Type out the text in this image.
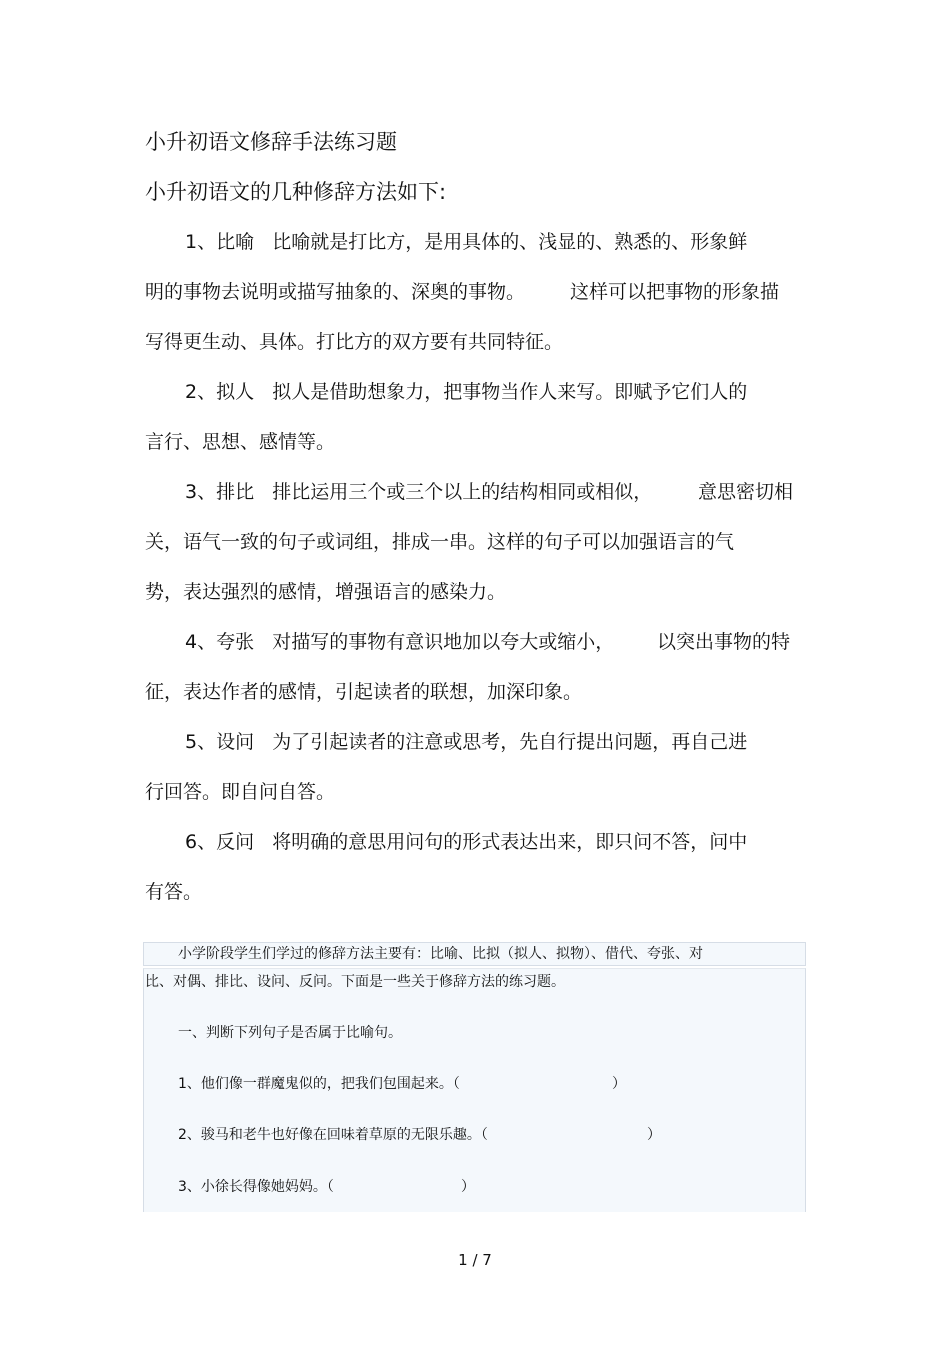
小升初语文修辞手法练习题
小升初语文的几种修辞方法如下:
1、比喻   比喻就是打比方，是用具体的、浅显的、熟悉的、形象鲜
明的事物去说明或描写抽象的、深奥的事物。 这样可以把事物的形象描
写得更生动、具体。打比方的双方要有共同特征。
2、拟人   拟人是借助想象力，把事物当作人来写。即赋予它们人的
言行、思想、感情等。
3、排比   排比运用三个或三个以上的结构相同或相似， 意思密切相
关，语气一致的句子或词组，排成一串。这样的句子可以加强语言的气
势，表达强烈的感情，增强语言的感染力。
4、夸张   对描写的事物有意识地加以夸大或缩小， 以突出事物的特
征，表达作者的感情，引起读者的联想，加深印象。
5、设问   为了引起读者的注意或思考，先自行提出问题，再自己进
行回答。即自问自答。
6、反问   将明确的意思用问句的形式表达出来，即只问不答，问中
有答。
小学阶段学生们学过的修辞方法主要有：比喻、比拟（拟人、拟物）、借代、夸张、对
比、对偶、排比、设问、反问。下面是一些关于修辞方法的练习题。
一、判断下列句子是否属于比喻句。
1、他们像一群魔鬼似的，把我们包围起来。（	）
2、骏马和老牛也好像在回味着草原的无限乐趣。（	）
3、小徐长得像她妈妈。（	）
1 / 7
